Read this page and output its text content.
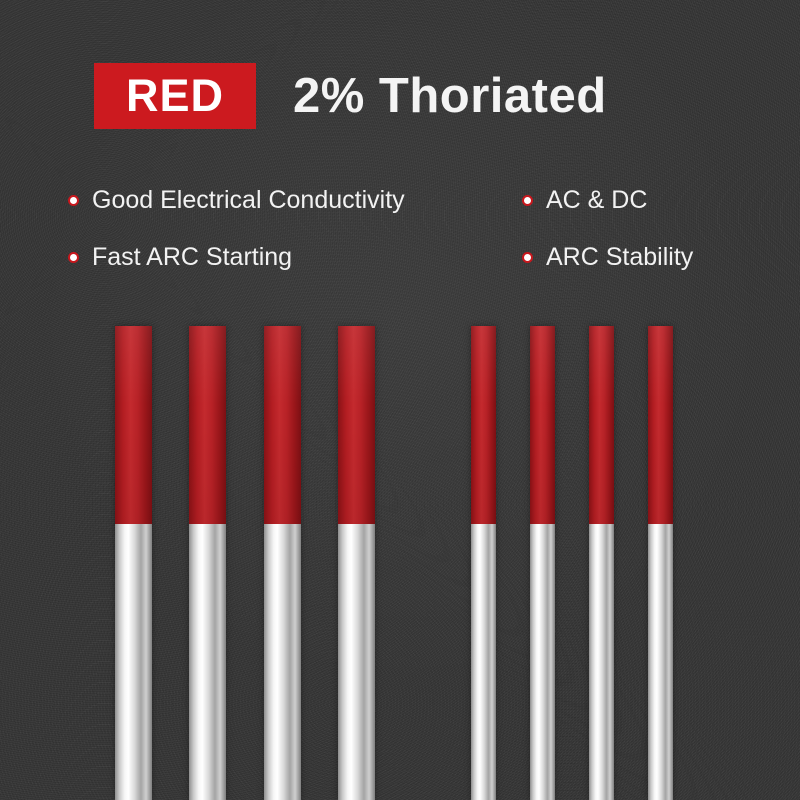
RED 2% Thoriated
Good Electrical Conductivity	AC & DC
Fast ARC Starting	ARC Stability
